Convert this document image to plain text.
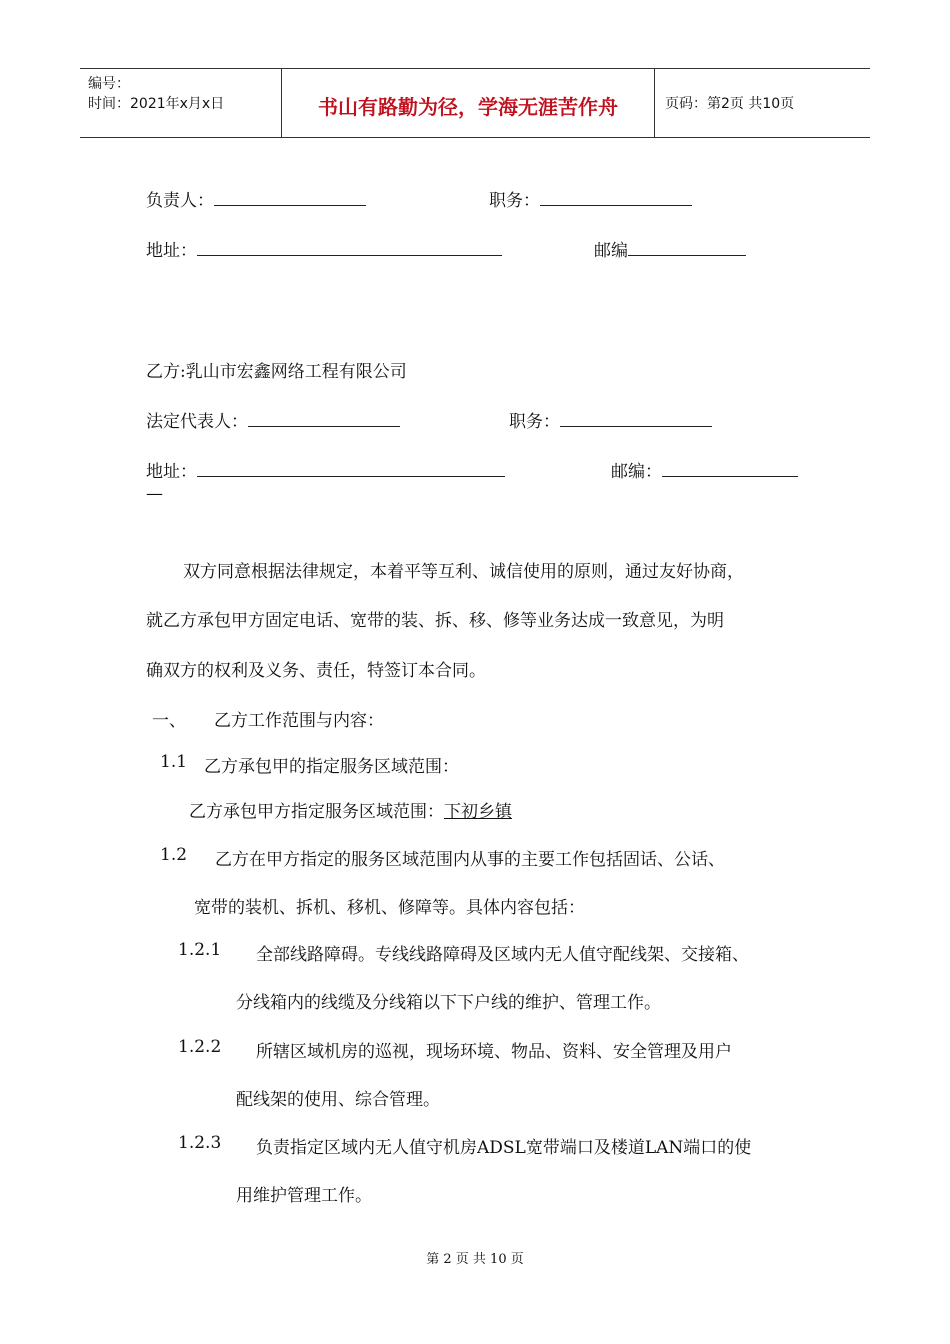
编号：
时间：2021年x月x日	书山有路勤为径，学海无涯苦作舟	页码：第2页 共10页
负责人：	职务：
地址：	邮编
乙方:乳山市宏鑫网络工程有限公司
法定代表人：	职务：
地址：	邮编：
—
双方同意根据法律规定，本着平等互利、诚信使用的原则，通过友好协商，
就乙方承包甲方固定电话、宽带的装、拆、移、修等业务达成一致意见，为明
确双方的权利及义务、责任，特签订本合同。
一、 乙方工作范围与内容：
1.1 乙方承包甲的指定服务区域范围：
乙方承包甲方指定服务区域范围：下初乡镇
1.2 乙方在甲方指定的服务区域范围内从事的主要工作包括固话、公话、
宽带的装机、拆机、移机、修障等。具体内容包括：
1.2.1 全部线路障碍。专线线路障碍及区域内无人值守配线架、交接箱、
分线箱内的线缆及分线箱以下下户线的维护、管理工作。
1.2.2 所辖区域机房的巡视，现场环境、物品、资料、安全管理及用户
配线架的使用、综合管理。
1.2.3 负责指定区域内无人值守机房ADSL宽带端口及楼道LAN端口的使
用维护管理工作。
第 2 页 共 10 页
